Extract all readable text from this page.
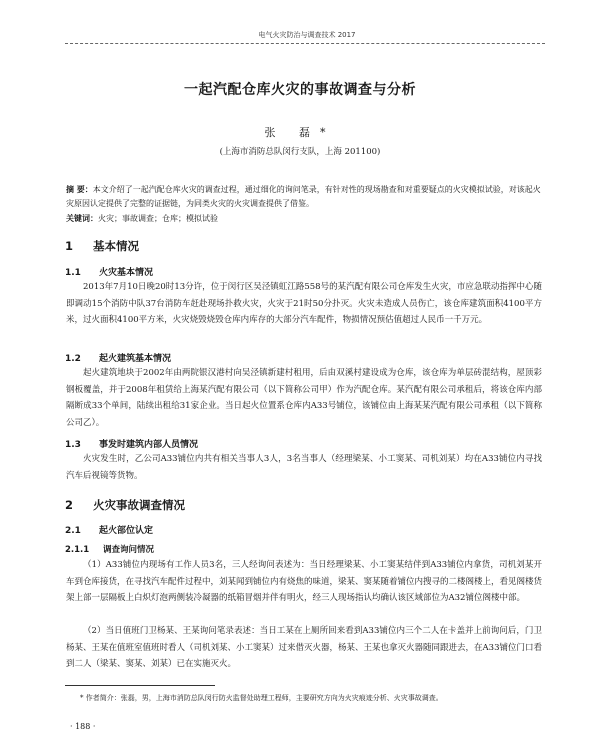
电气火灾防治与调查技术 2017
一起汽配仓库火灾的事故调查与分析
张 磊*
(上海市消防总队闵行支队，上海 201100)
摘 要：本文介绍了一起汽配仓库火灾的调查过程，通过细化的询问笔录，有针对性的现场勘查和对重要疑点的火灾模拟试验，对该起火灾原因认定提供了完整的证据链，为同类火灾的火灾调查提供了借鉴。
关键词：火灾；事故调查；仓库；模拟试验
1 基本情况
1.1 火灾基本情况
2013年7月10日晚20时13分许，位于闵行区吴泾镇虹江路558号的某汽配有限公司仓库发生火灾，市应急联动指挥中心随即调动15个消防中队37台消防车赶赴现场扑救火灾，火灾于21时50分扑灭。火灾未造成人员伤亡，该仓库建筑面积4100平方米，过火面积4100平方米，火灾烧毁烧毁仓库内库存的大部分汽车配件，物损情况预估值超过人民币一千万元。
1.2 起火建筑基本情况
起火建筑地块于2002年由两院银汉港村向吴泾镇新建村租用，后由双溪村建设成为仓库，该仓库为单层砖混结构，屋顶彩钢板覆盖，并于2008年租赁给上海某汽配有限公司（以下简称公司甲）作为汽配仓库。某汽配有限公司承租后，将该仓库内部隔断成33个单间，陆续出租给31家企业。当日起火位置系仓库内A33号铺位，该铺位由上海某某汽配有限公司承租（以下简称公司乙）。
1.3 事发时建筑内部人员情况
火灾发生时，乙公司A33铺位内共有相关当事人3人，3名当事人（经理梁某、小工窦某、司机刘某）均在A33铺位内寻找汽车后视镜等货物。
2 火灾事故调查情况
2.1 起火部位认定
2.1.1 调查询问情况
（1）A33铺位内现场有工作人员3名，三人经询问表述为：当日经理梁某、小工窦某结伴到A33铺位内拿货，司机刘某开车到仓库接货，在寻找汽车配件过程中，刘某闻到铺位内有烧焦的味道，梁某、窦某随着铺位内搜寻的二楼阁楼上，看见阁楼货架上部一层隔板上白炽灯泡两侧装冷凝器的纸箱冒烟并伴有明火，经三人现场指认均确认该区域部位为A32铺位阁楼中部。
（2）当日值班门卫杨某、王某询问笔录表述：当日工某在上厕所回来看到A33铺位内三个二人在卡盖并上前询问后，门卫杨某、王某在值班室值班时看人（司机刘某、小工窦某）过来借灭火器，杨某、王某也拿灭火器随同跟进去，在A33铺位门口看到二人（梁某、窦某、刘某）已在实施灭火。
* 作者简介：张磊，男，上海市消防总队闵行防火监督处助理工程师，主要研究方向为火灾痕迹分析、火灾事故调查。
· 188 ·
